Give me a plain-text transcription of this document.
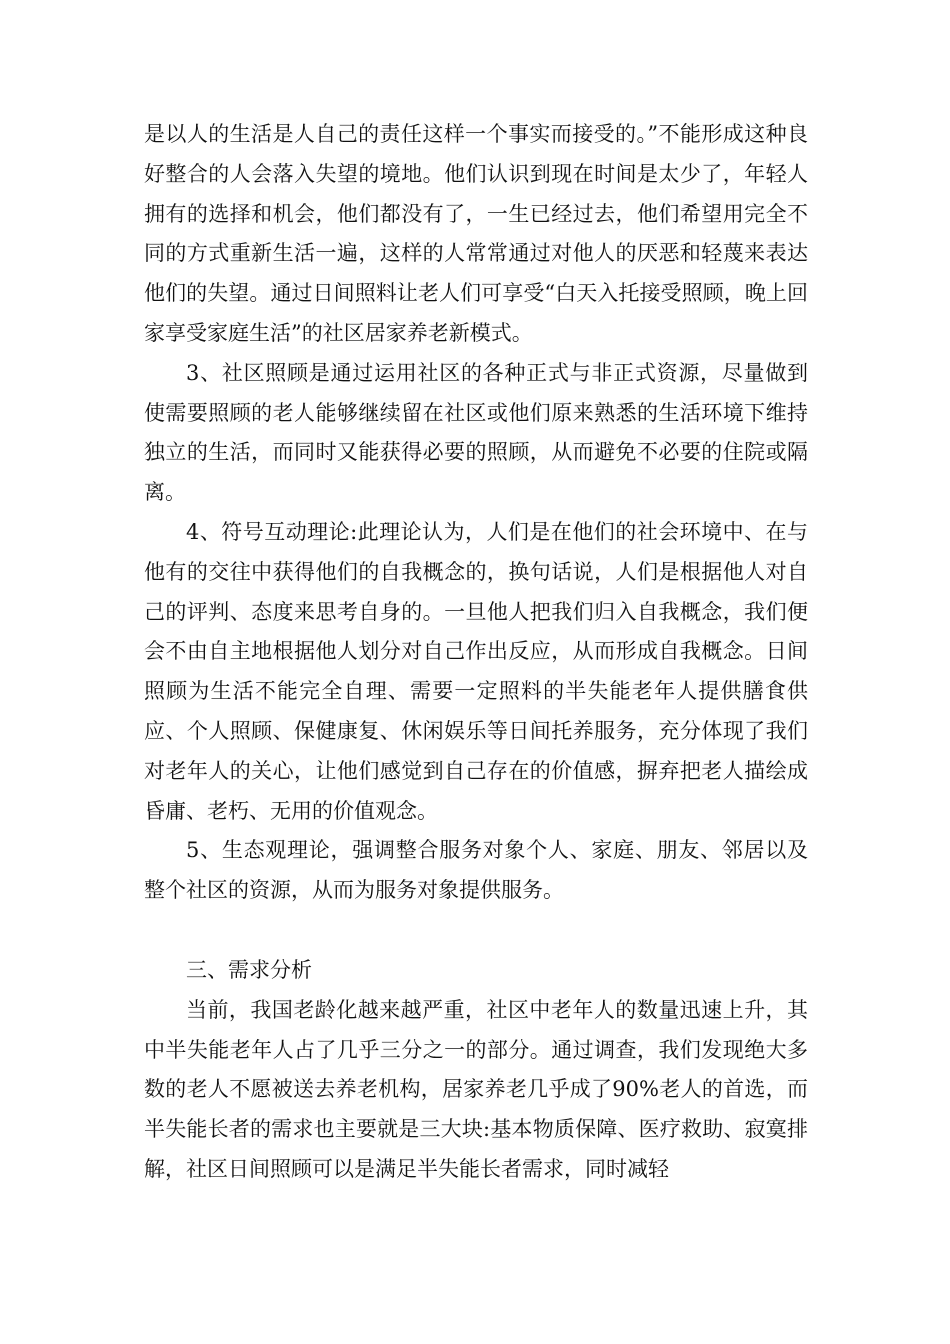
是以人的生活是人自己的责任这样一个事实而接受的。”不能形成这种良好整合的人会落入失望的境地。他们认识到现在时间是太少了，年轻人拥有的选择和机会，他们都没有了，一生已经过去，他们希望用完全不同的方式重新生活一遍，这样的人常常通过对他人的厌恶和轻蔑来表达他们的失望。通过日间照料让老人们可享受“白天入托接受照顾，晚上回家享受家庭生活”的社区居家养老新模式。

3、社区照顾是通过运用社区的各种正式与非正式资源，尽量做到使需要照顾的老人能够继续留在社区或他们原来熟悉的生活环境下维持独立的生活，而同时又能获得必要的照顾，从而避免不必要的住院或隔离。

4、符号互动理论:此理论认为，人们是在他们的社会环境中、在与他有的交往中获得他们的自我概念的，换句话说，人们是根据他人对自己的评判、态度来思考自身的。一旦他人把我们归入自我概念，我们便会不由自主地根据他人划分对自己作出反应，从而形成自我概念。日间照顾为生活不能完全自理、需要一定照料的半失能老年人提供膳食供应、个人照顾、保健康复、休闲娱乐等日间托养服务，充分体现了我们对老年人的关心，让他们感觉到自己存在的价值感，摒弃把老人描绘成昏庸、老朽、无用的价值观念。

5、生态观理论，强调整合服务对象个人、家庭、朋友、邻居以及整个社区的资源，从而为服务对象提供服务。

三、需求分析

当前，我国老龄化越来越严重，社区中老年人的数量迅速上升，其中半失能老年人占了几乎三分之一的部分。通过调查，我们发现绝大多数的老人不愿被送去养老机构，居家养老几乎成了90%老人的首选，而半失能长者的需求也主要就是三大块:基本物质保障、医疗救助、寂寞排解，社区日间照顾可以是满足半失能长者需求，同时减轻
